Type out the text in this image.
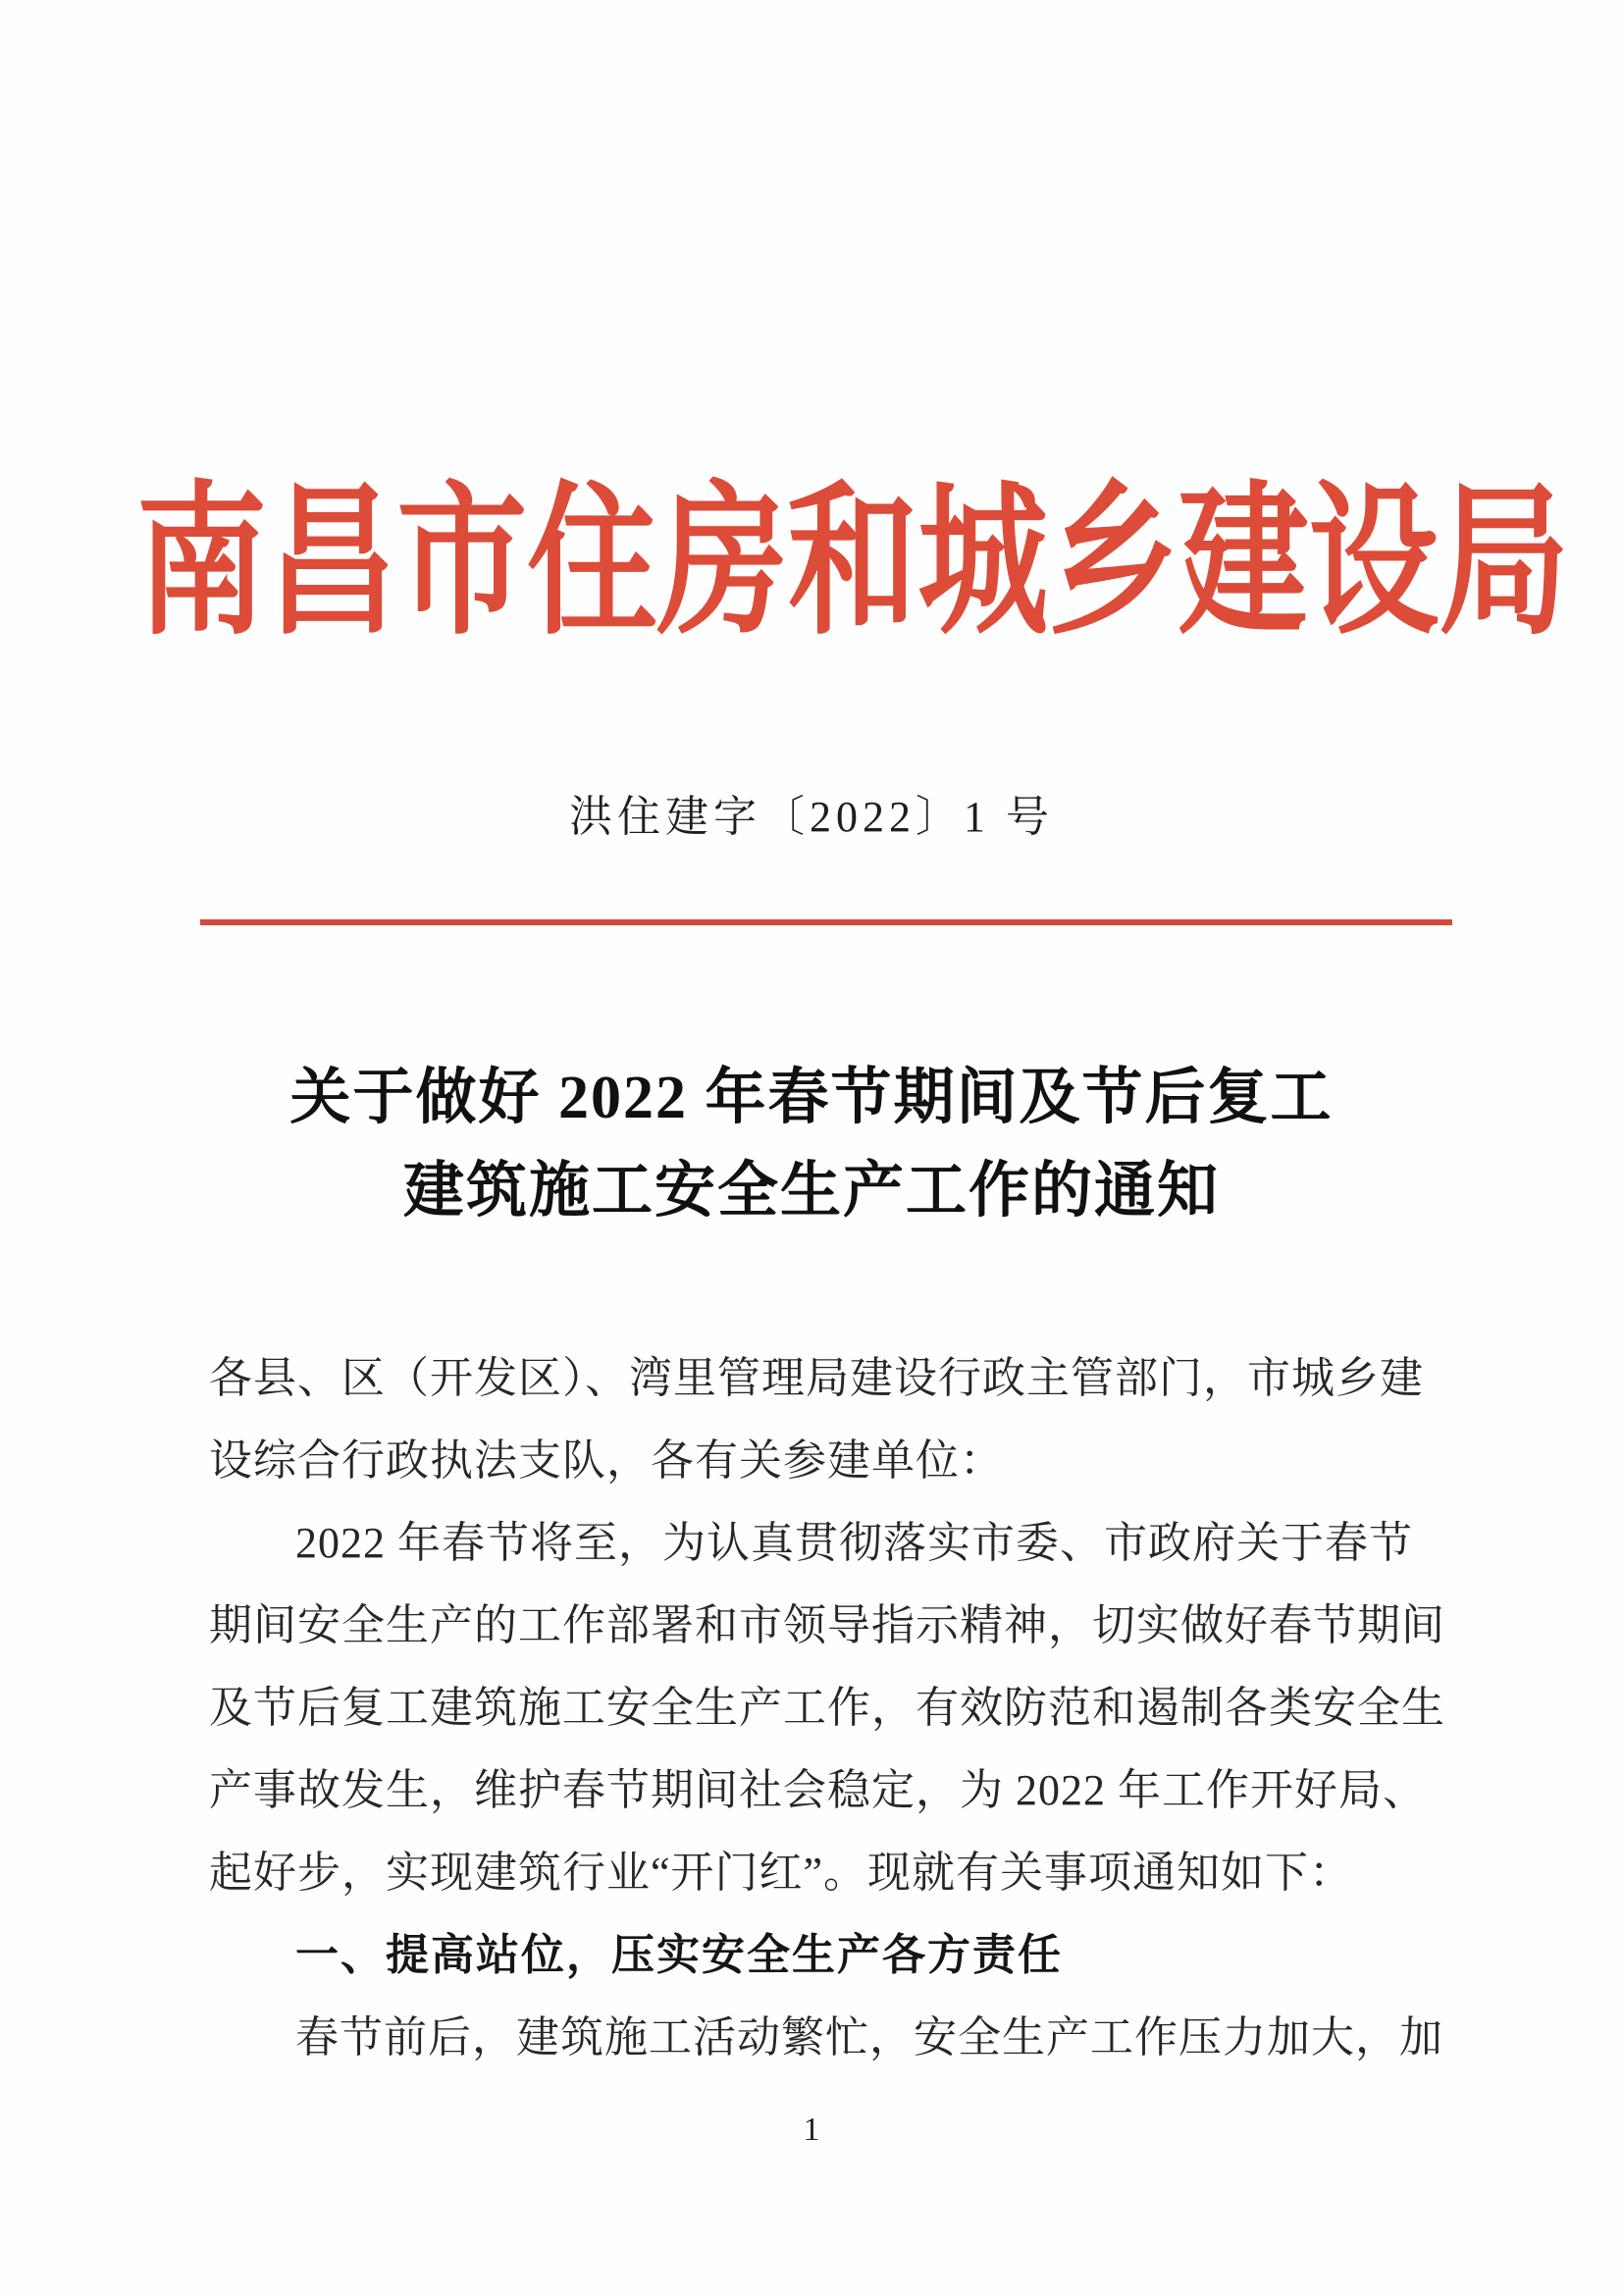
南昌市住房和城乡建设局
洪住建字〔2022〕1 号
关于做好 2022 年春节期间及节后复工
建筑施工安全生产工作的通知
各县、区（开发区）、湾里管理局建设行政主管部门，市城乡建
设综合行政执法支队，各有关参建单位：
2022 年春节将至，为认真贯彻落实市委、市政府关于春节
期间安全生产的工作部署和市领导指示精神，切实做好春节期间
及节后复工建筑施工安全生产工作，有效防范和遏制各类安全生
产事故发生，维护春节期间社会稳定，为 2022 年工作开好局、
起好步，实现建筑行业“开门红”。现就有关事项通知如下：
一、提高站位，压实安全生产各方责任
春节前后，建筑施工活动繁忙，安全生产工作压力加大，加
1
